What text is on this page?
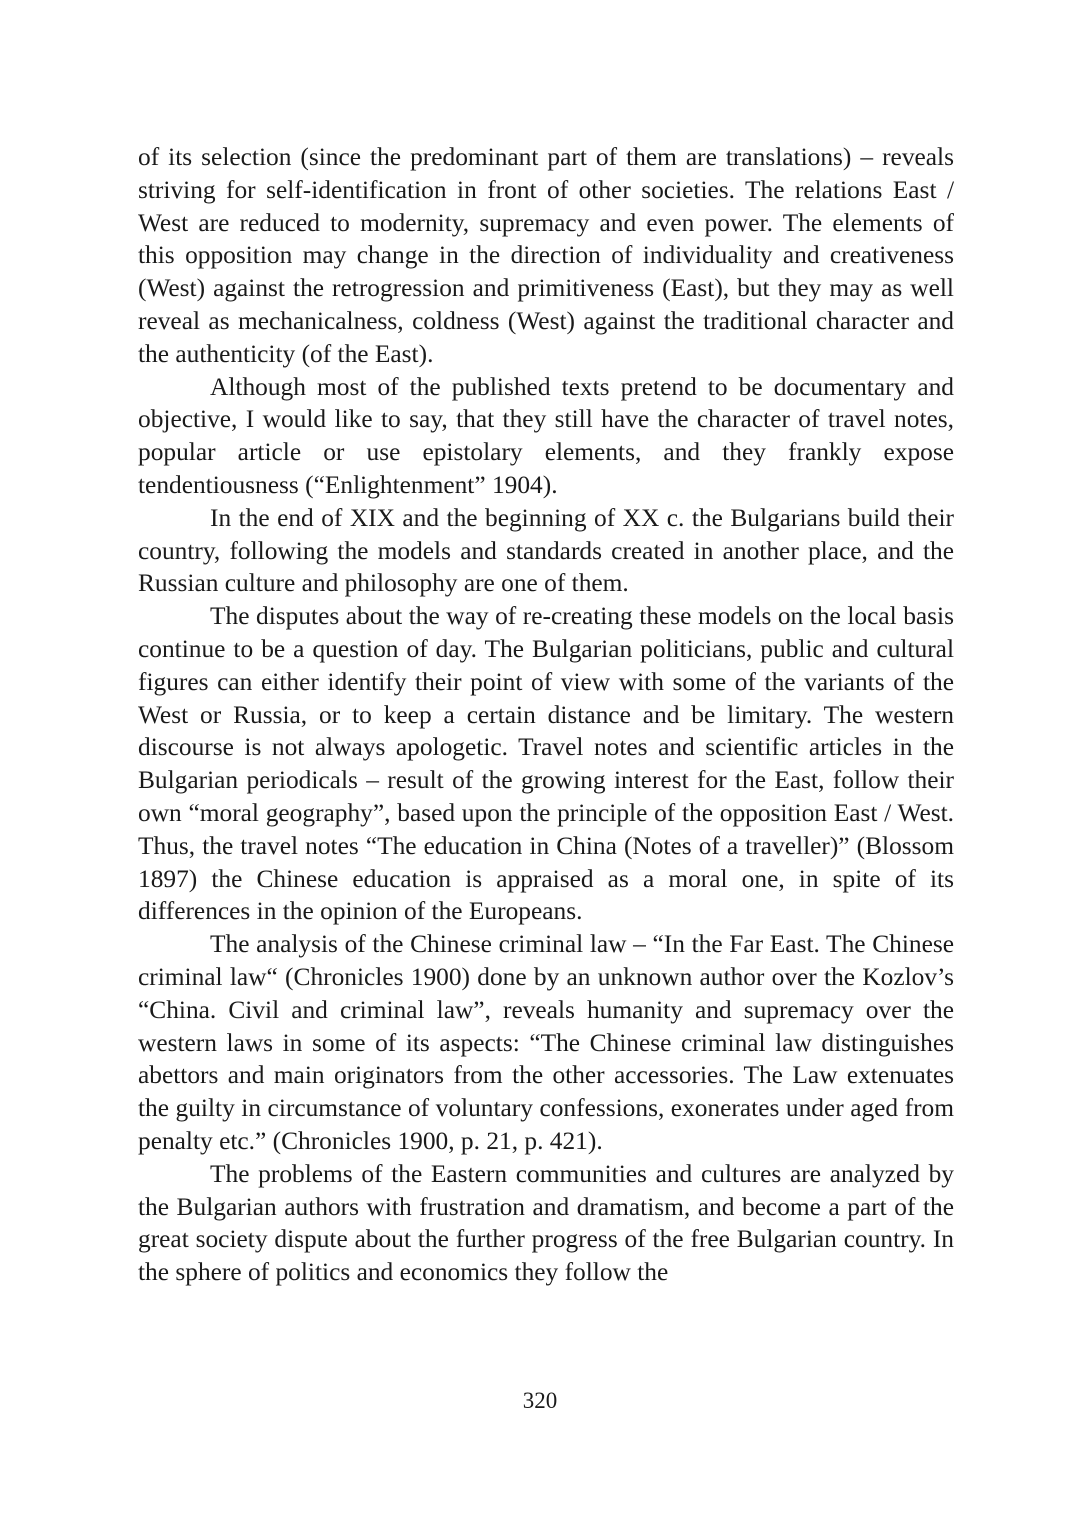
of its selection (since the predominant part of them are translations) – reveals striving for self-identification in front of other societies. The relations East / West are reduced to modernity, supremacy and even power. The elements of this opposition may change in the direction of individuality and creativeness (West) against the retrogression and primitiveness (East), but they may as well reveal as mechanicalness, coldness (West) against the traditional character and the authenticity (of the East).

Although most of the published texts pretend to be documentary and objective, I would like to say, that they still have the character of travel notes, popular article or use epistolary elements, and they frankly expose tendentiousness (“Enlightenment” 1904).

In the end of XIX and the beginning of XX c. the Bulgarians build their country, following the models and standards created in another place, and the Russian culture and philosophy are one of them.

The disputes about the way of re-creating these models on the local basis continue to be a question of day. The Bulgarian politicians, public and cultural figures can either identify their point of view with some of the variants of the West or Russia, or to keep a certain distance and be limitary. The western discourse is not always apologetic. Travel notes and scientific articles in the Bulgarian periodicals – result of the growing interest for the East, follow their own “moral geography”, based upon the principle of the opposition East / West. Thus, the travel notes “The education in China (Notes of a traveller)” (Blossom 1897) the Chinese education is appraised as a moral one, in spite of its differences in the opinion of the Europeans.

The analysis of the Chinese criminal law – “In the Far East. The Chinese criminal law“ (Chronicles 1900) done by an unknown author over the Kozlov’s “China. Civil and criminal law”, reveals humanity and supremacy over the western laws in some of its aspects: “The Chinese criminal law distinguishes abettors and main originators from the other accessories. The Law extenuates the guilty in circumstance of voluntary confessions, exonerates under aged from penalty etc.” (Chronicles 1900, p. 21, p. 421).

The problems of the Eastern communities and cultures are analyzed by the Bulgarian authors with frustration and dramatism, and become a part of the great society dispute about the further progress of the free Bulgarian country. In the sphere of politics and economics they follow the

320
